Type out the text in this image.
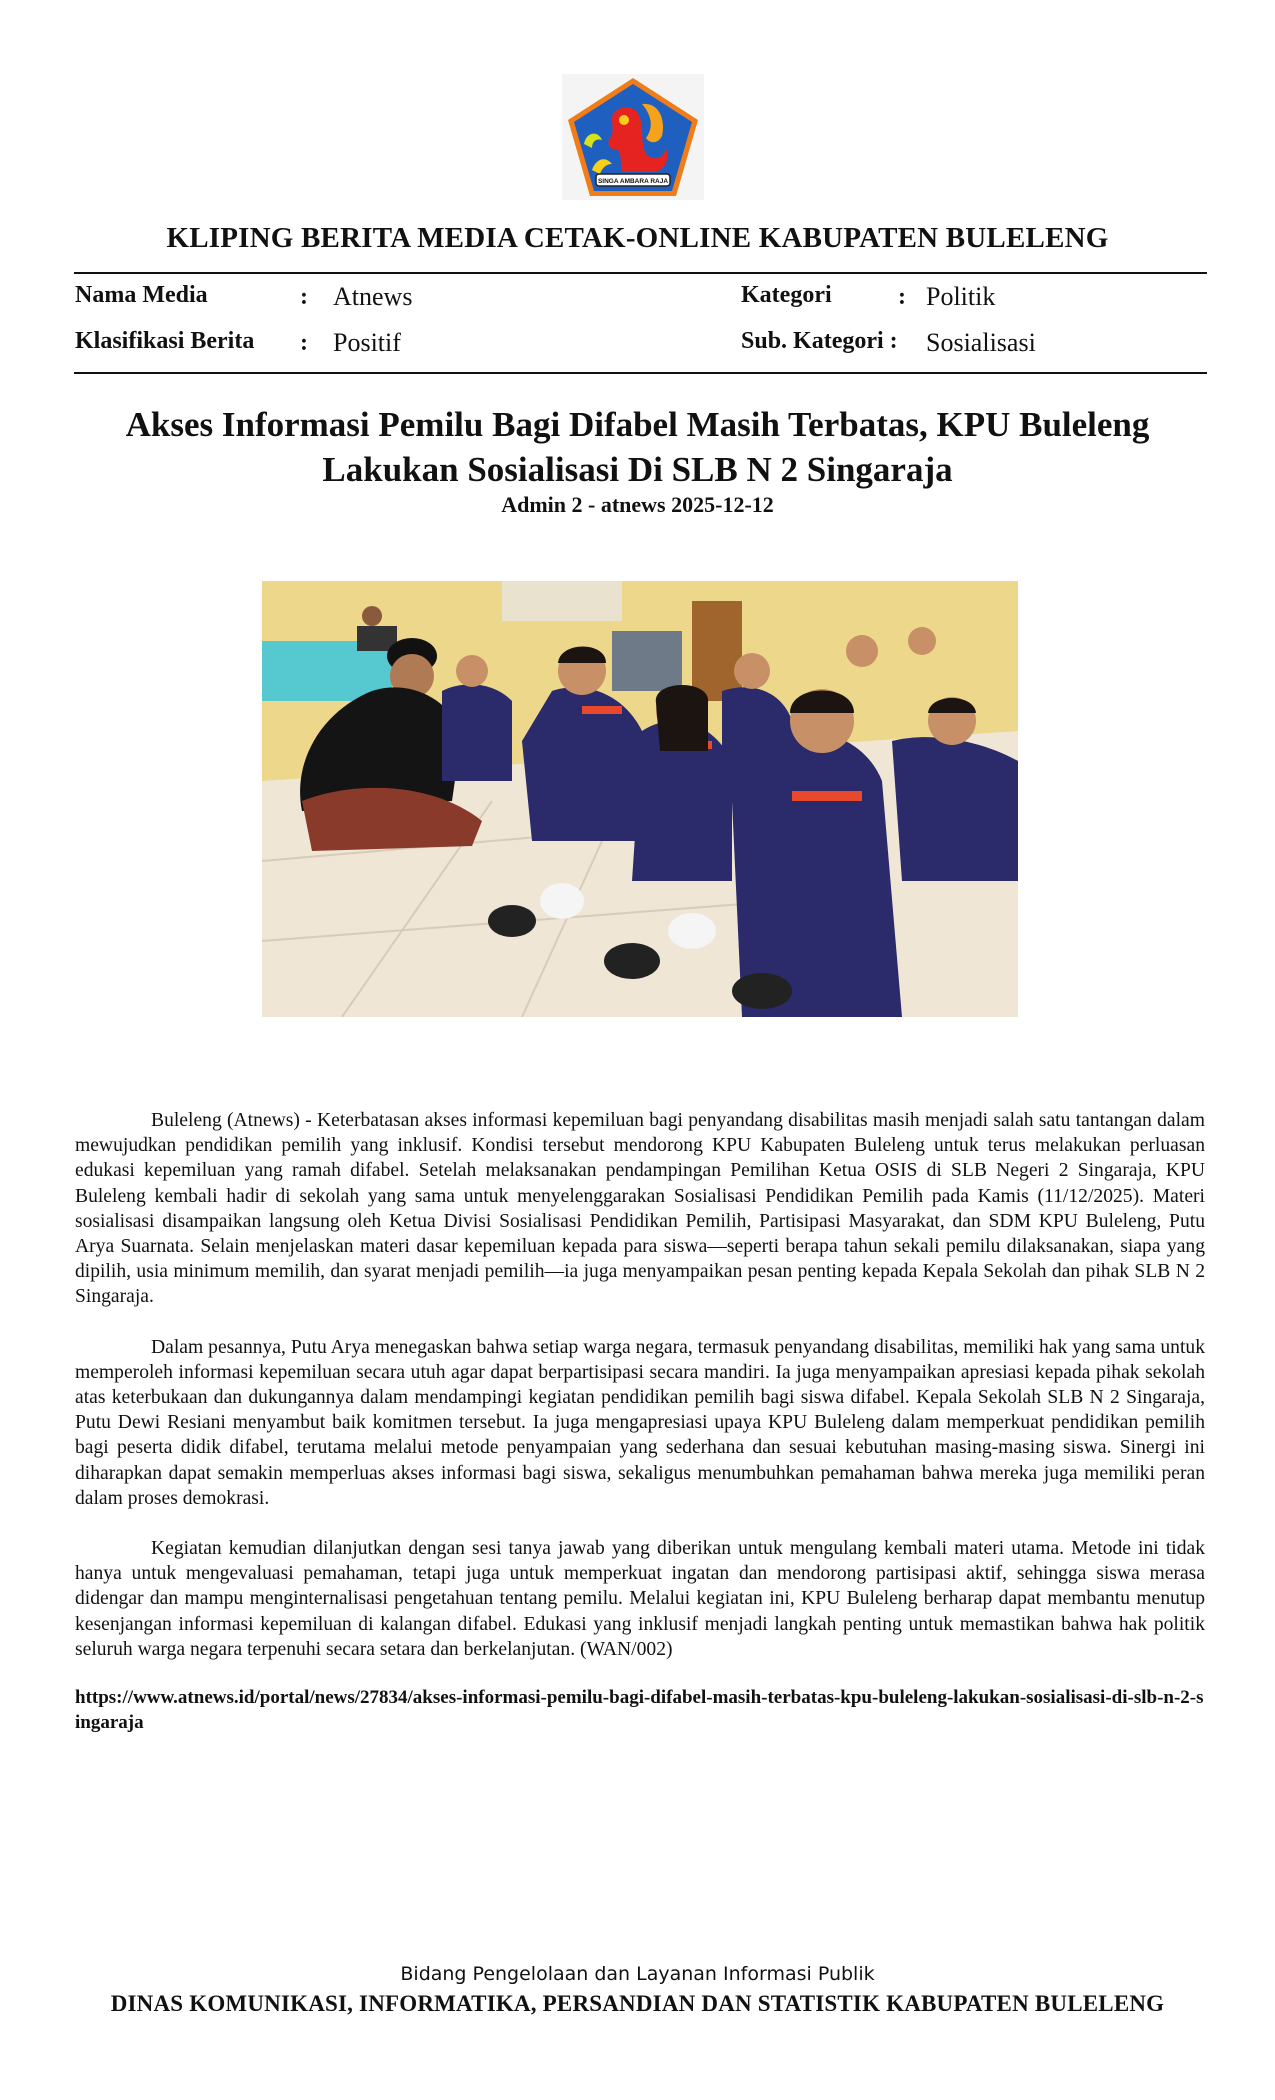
SINGA AMBARA RAJA
KLIPING BERITA MEDIA CETAK-ONLINE KABUPATEN BULELENG
Nama Media	: Atnews
Klasifikasi Berita : Positif
Kategori	: Politik
Sub. Kategori : Sosialisasi
Akses Informasi Pemilu Bagi Difabel Masih Terbatas, KPU Buleleng
Lakukan Sosialisasi Di SLB N 2 Singaraja
Admin 2 - atnews 2025-12-12

Buleleng (Atnews) - Keterbatasan akses informasi kepemiluan bagi penyandang disabilitas masih menjadi salah satu tantangan dalam mewujudkan pendidikan pemilih yang inklusif. Kondisi tersebut mendorong KPU Kabupaten Buleleng untuk terus melakukan perluasan edukasi kepemiluan yang ramah difabel. Setelah melaksanakan pendampingan Pemilihan Ketua OSIS di SLB Negeri 2 Singaraja, KPU Buleleng kembali hadir di sekolah yang sama untuk menyelenggarakan Sosialisasi Pendidikan Pemilih pada Kamis (11/12/2025). Materi sosialisasi disampaikan langsung oleh Ketua Divisi Sosialisasi Pendidikan Pemilih, Partisipasi Masyarakat, dan SDM KPU Buleleng, Putu Arya Suarnata. Selain menjelaskan materi dasar kepemiluan kepada para siswa—seperti berapa tahun sekali pemilu dilaksanakan, siapa yang dipilih, usia minimum memilih, dan syarat menjadi pemilih—ia juga menyampaikan pesan penting kepada Kepala Sekolah dan pihak SLB N 2 Singaraja.

Dalam pesannya, Putu Arya menegaskan bahwa setiap warga negara, termasuk penyandang disabilitas, memiliki hak yang sama untuk memperoleh informasi kepemiluan secara utuh agar dapat berpartisipasi secara mandiri. Ia juga menyampaikan apresiasi kepada pihak sekolah atas keterbukaan dan dukungannya dalam mendampingi kegiatan pendidikan pemilih bagi siswa difabel. Kepala Sekolah SLB N 2 Singaraja, Putu Dewi Resiani menyambut baik komitmen tersebut. Ia juga mengapresiasi upaya KPU Buleleng dalam memperkuat pendidikan pemilih bagi peserta didik difabel, terutama melalui metode penyampaian yang sederhana dan sesuai kebutuhan masing-masing siswa. Sinergi ini diharapkan dapat semakin memperluas akses informasi bagi siswa, sekaligus menumbuhkan pemahaman bahwa mereka juga memiliki peran dalam proses demokrasi.

Kegiatan kemudian dilanjutkan dengan sesi tanya jawab yang diberikan untuk mengulang kembali materi utama. Metode ini tidak hanya untuk mengevaluasi pemahaman, tetapi juga untuk memperkuat ingatan dan mendorong partisipasi aktif, sehingga siswa merasa didengar dan mampu menginternalisasi pengetahuan tentang pemilu. Melalui kegiatan ini, KPU Buleleng berharap dapat membantu menutup kesenjangan informasi kepemiluan di kalangan difabel. Edukasi yang inklusif menjadi langkah penting untuk memastikan bahwa hak politik seluruh warga negara terpenuhi secara setara dan berkelanjutan. (WAN/002)

https://www.atnews.id/portal/news/27834/akses-informasi-pemilu-bagi-difabel-masih-terbatas-kpu-buleleng-lakukan-sosialisasi-di-slb-n-2-singaraja
Bidang Pengelolaan dan Layanan Informasi Publik
DINAS KOMUNIKASI, INFORMATIKA, PERSANDIAN DAN STATISTIK KABUPATEN BULELENG
